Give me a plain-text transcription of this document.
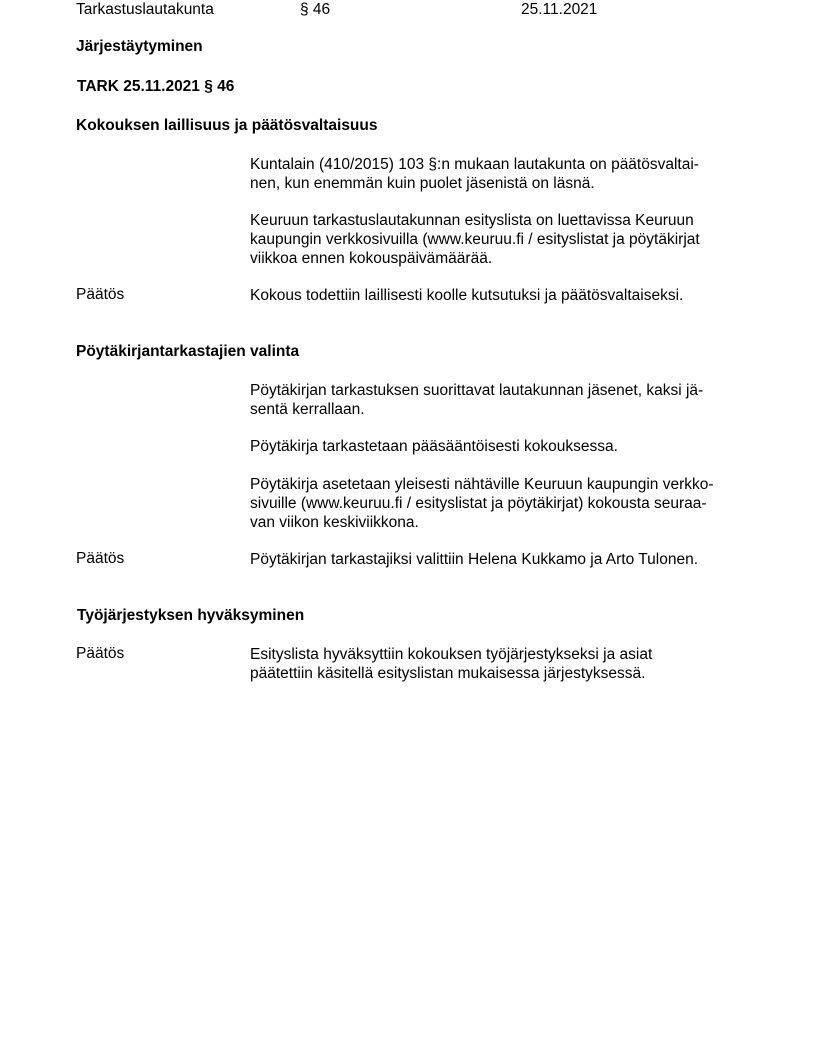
Tarkastuslautakunta	§ 46	25.11.2021
Järjestäytyminen
TARK 25.11.2021 § 46
Kokouksen laillisuus ja päätösvaltaisuus
Kuntalain (410/2015) 103 §:n mukaan lautakunta on päätösvaltai-
nen, kun enemmän kuin puolet jäsenistä on läsnä.
Keuruun tarkastuslautakunnan esityslista on luettavissa Keuruun
kaupungin verkkosivuilla (www.keuruu.fi / esityslistat ja pöytäkirjat
viikkoa ennen kokouspäivämäärää.
Päätös	Kokous todettiin laillisesti koolle kutsutuksi ja päätösvaltaiseksi.
Pöytäkirjantarkastajien valinta
Pöytäkirjan tarkastuksen suorittavat lautakunnan jäsenet, kaksi jä-
sentä kerrallaan.
Pöytäkirja tarkastetaan pääsääntöisesti kokouksessa.
Pöytäkirja asetetaan yleisesti nähtäville Keuruun kaupungin verkko-
sivuille (www.keuruu.fi / esityslistat ja pöytäkirjat) kokousta seuraa-
van viikon keskiviikkona.
Päätös	Pöytäkirjan tarkastajiksi valittiin Helena Kukkamo ja Arto Tulonen.
Työjärjestyksen hyväksyminen
Päätös	Esityslista hyväksyttiin kokouksen työjärjestykseksi ja asiat
päätettiin käsitellä esityslistan mukaisessa järjestyksessä.
